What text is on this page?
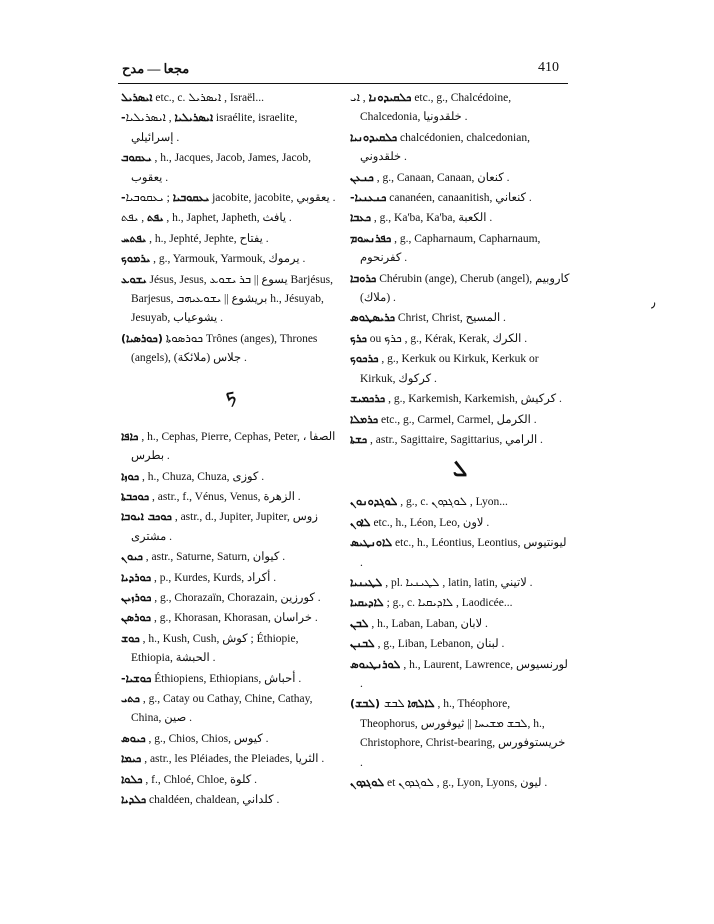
مجعا — مدح	410
ܐܝܣܪܝܠ etc., c. ܐܝܣܪܝܠ , Israël...
-ܐܝܣܪܝܠܝܐ , ܐܝܣܪܝܠܝܐ israélite, israelite, إسرائيلي .
ܝܥܩܘܒ , h., Jacques, Jacob, James, Jacob, يعقوب .
-ܝܥܩܘܒܝܐ ; ܝܥܩܘܒܝܐ jacobite, jacobite, يعقوبي .
ܝܦܬ , ܝܦܬ , h., Japhet, Japheth, يافث .
ܝܦܬܚ , h., Jephté, Jephte, يفتاح .
ܝܪܡܘܟ , g., Yarmouk, Yarmouk, يرموك .
ܝܫܘܥ Jésus, Jesus, يسوع || ܒܪ ܝܫܘܥ Barjésus, Barjesus, بريشوع || ܝܫܘܥܝܗܒ h., Jésuyab, Jesuyab, يشوعياب .
(ܟܘܪܣܝܐ) ܟܘܪܣܘܬܐ Trônes (anges), Thrones (angels), جلاس (ملائكة) .
ܟ
ܟܐܦܐ , h., Cephas, Pierre, Cephas, Peter, الصفا ، بطرس .
ܟܘܙܐ , h., Chuza, Chuza, كوزى .
ܟܘܟܒܬܐ , astr., f., Vénus, Venus, الزهرة .
ܟܘܟܒ ܐܝܘܒܐ , astr., d., Jupiter, Jupiter, زوس مشترى .
ܟܝܘܢ , astr., Saturne, Saturn, كيوان .
ܟܘܪܕܝܐ , p., Kurdes, Kurds, أكراد .
ܟܘܪܙܝܢ , g., Chorazaïn, Chorazain, كورزين .
ܟܘܪܣܢ , g., Khorasan, Khorasan, خراسان .
ܟܘܫ , h., Kush, Cush, كوش ; Éthiopie, Ethiopia, الحبشة .
-ܟܘܫܝܐ Éthiopiens, Ethiopians, أحباش .
ܟܬܝ , g., Catay ou Cathay, Chine, Cathay, China, صين .
ܟܝܘܣ , g., Chios, Chios, كيوس .
ܟܝܡܐ , astr., les Pléiades, the Pleiades, الثريا .
ܟܠܘܐ , f., Chloé, Chloe, كلوة .
ܟܠܕܝܐ chaldéen, chaldean, كلداني .
ܟܠܩܝܕܘܢܐ , ܐܝ etc., g., Chalcédoine, Chalcedonia, خلقدونيا .
ܟܠܩܝܕܘܢܝܐ chalcédonien, chalcedonian, خلقدوني .
ܟܢܥܢ , g., Canaan, Canaan, كنعان .
-ܟܢܥܢܝܐ cananéen, canaanitish, كنعاني .
ܟܥܒܐ , g., Ka'ba, Ka'ba, الكعبة .
ܟܦܪܢܚܘܡ , g., Capharnaum, Capharnaum, كفرنحوم .
ܟܪܘܒܐ Chérubin (ange), Cherub (angel), كاروبيم (ملاك) .
ܟܪܝܣܛܘܣ Christ, Christ, المسيح .
ܟܪܟ ou ܟܪܟ , g., Kérak, Kerak, الكرك .
ܟܪܟܘܟ , g., Kerkuk ou Kirkuk, Kerkuk or Kirkuk, كركوك .
ܟܪܟܡܝܫ , g., Karkemish, Karkemish, كركيش .
ܟܪܡܠܐ etc., g., Carmel, Carmel, الكرمل .
ܟܫܬܐ , astr., Sagittaire, Sagittarius, الرامي .
ܠ
ܠܘܓܕܘܢܘܢ , g., c. ܠܘܓܕܘܢ , Lyon...
ܠܐܘܢ etc., h., Léon, Leo, لاون .
ܠܐܘܢܛܝܣ etc., h., Léontius, Leontius, ليونتيوس .
ܠܛܝܢܝܐ , pl. ܠܛܝܢܝܐ , latin, latin, لاتيني .
ܠܐܕܝܩܝܐ ; g., c. ܠܐܕܝܩܝܐ , Laodicée...
ܠܒܢ , h., Laban, Laban, لابان .
ܠܒܢܢ , g., Liban, Lebanon, لبنان .
ܠܘܪܢܛܝܘܣ , h., Laurent, Lawrence, لورنسيوس .
(ܠܒܫ) ܠܐܠܗܐ ܠܒܫ , h., Théophore, Theophorus, ܠܒܫ ܡܫܝܚܐ || ثيوفورس, h., Christophore, Christ-bearing, خريستوفورس .
ܠܘܓܕܘܢ et ܠܘܓܕܘܢ , g., Lyon, Lyons, ليون .
٫
